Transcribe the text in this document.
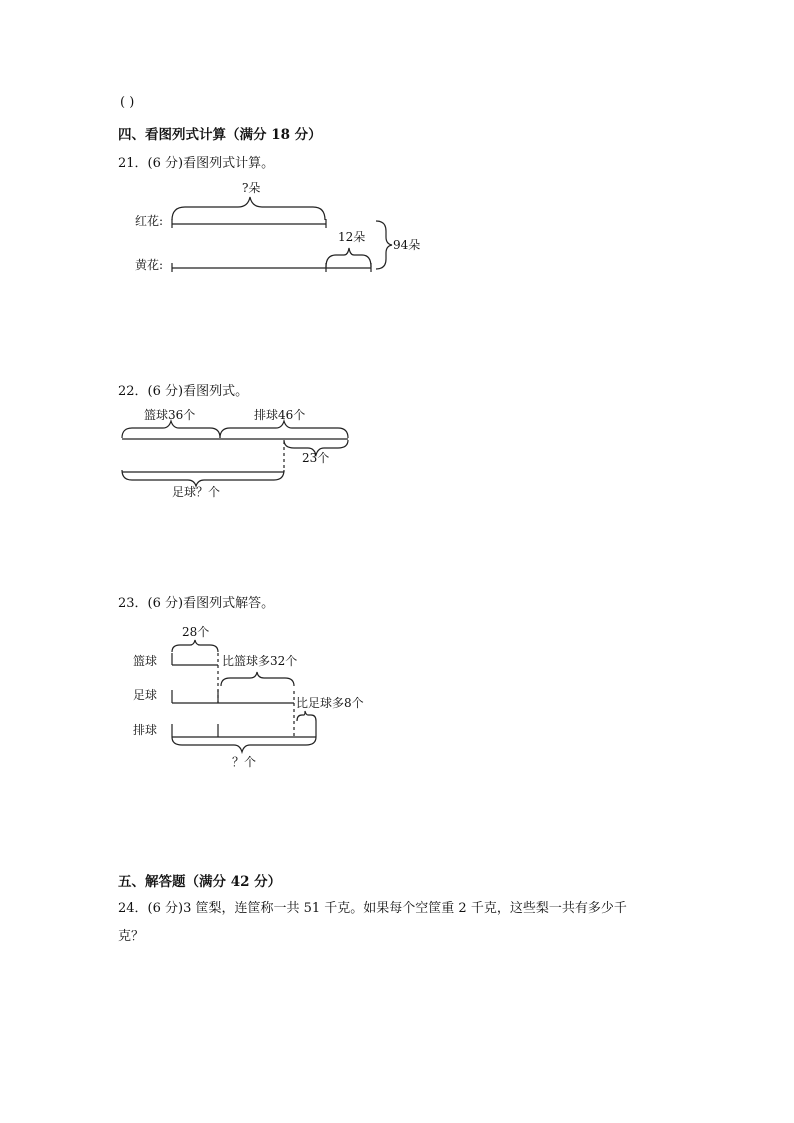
( )
四、看图列式计算（满分 18 分）
21．(6 分)看图列式计算。
?朵
红花:
12朵
黄花:
94朵
22．(6 分)看图列式。
篮球36个	排球46个
23个
足球？个
23．(6 分)看图列式解答。
28个
篮球	比篮球多32个
足球
比足球多8个
排球
？个
五、解答题（满分 42 分）
24．(6 分)3 筐梨，连筐称一共 51 千克。如果每个空筐重 2 千克，这些梨一共有多少千
克？
